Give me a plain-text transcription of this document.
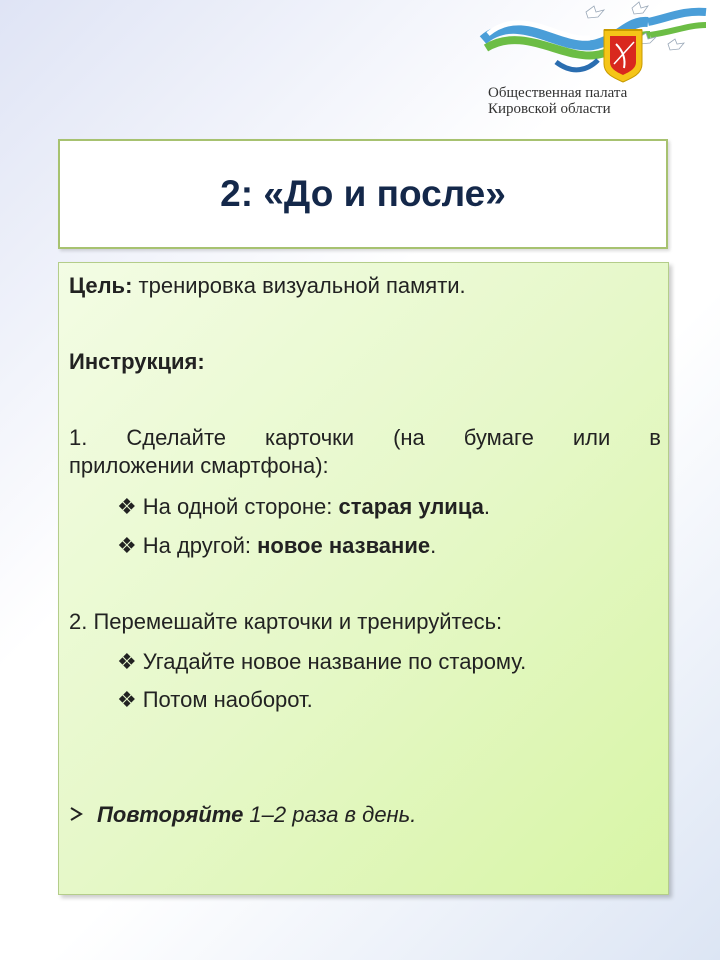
Общественная палата
Кировской области
2: «До и после»
Цель: тренировка визуальной памяти.
Инструкция:
1. Сделайте карточки (на бумаге или в
приложении смартфона):
❖ На одной стороне: старая улица.
❖ На другой: новое название.
2. Перемешайте карточки и тренируйтесь:
❖ Угадайте новое название по старому.
❖ Потом наоборот.
Повторяйте 1–2 раза в день.
